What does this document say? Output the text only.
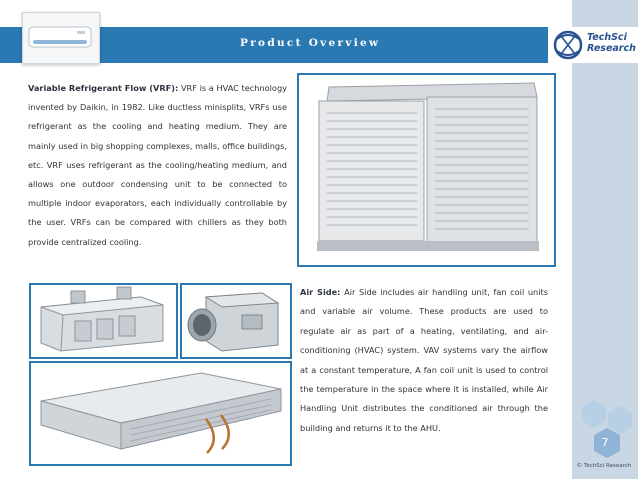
Product Overview	TechSci
Research
7
© TechSci Research

Variable Refrigerant Flow (VRF): VRF is a HVAC technology invented by Daikin, in 1982. Like ductless minisplits, VRFs use refrigerant as the cooling and heating medium. They are mainly used in big shopping complexes, malls, office buildings, etc. VRF uses refrigerant as the cooling/heating medium, and allows one outdoor condensing unit to be connected to multiple indoor evaporators, each individually controllable by the user. VRFs can be compared with chillers as they both provide centralized cooling.

Air Side: Air Side includes air handling unit, fan coil units and variable air volume. These products are used to regulate air as part of a heating, ventilating, and air-conditioning (HVAC) system. VAV systems vary the airflow at a constant temperature, A fan coil unit is used to control the temperature in the space where it is installed, while Air Handling Unit distributes the conditioned air through the building and returns it to the AHU.
